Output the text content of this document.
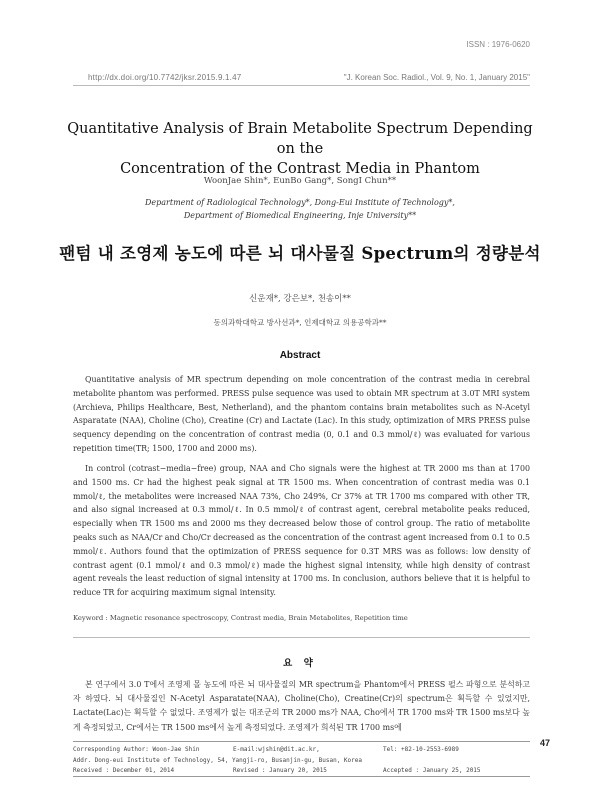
ISSN : 1976-0620
http://dx.doi.org/10.7742/jksr.2015.9.1.47	"J. Korean Soc. Radiol., Vol. 9, No. 1, January 2015"
Quantitative Analysis of Brain Metabolite Spectrum Depending on the
Concentration of the Contrast Media in Phantom
WoonJae Shin*, EunBo Gang*, SongI Chun**
Department of Radiological Technology*, Dong-Eui Institute of Technology*,
Department of Biomedical Engineering, Inje University**
팬텀 내 조영제 농도에 따른 뇌 대사물질 Spectrum의 정량분석
신운재*, 강은보*, 천송이**
동의과학대학교 방사선과*, 인제대학교 의용공학과**
Abstract

Quantitative analysis of MR spectrum depending on mole concentration of the contrast media in cerebral metabolite phantom was performed. PRESS pulse sequence was used to obtain MR spectrum at 3.0T MRI system (Archieva, Philips Healthcare, Best, Netherland), and the phantom contains brain metabolites such as N-Acetyl Asparatate (NAA), Choline (Cho), Creatine (Cr) and Lactate (Lac). In this study, optimization of MRS PRESS pulse sequency depending on the concentration of contrast media (0, 0.1 and 0.3 mmol/ℓ) was evaluated for various repetition time(TR; 1500, 1700 and 2000 ms).

In control (cotrast−media−free) group, NAA and Cho signals were the highest at TR 2000 ms than at 1700 and 1500 ms. Cr had the highest peak signal at TR 1500 ms. When concentration of contrast media was 0.1 mmol/ℓ, the metabolites were increased NAA 73%, Cho 249%, Cr 37% at TR 1700 ms compared with other TR, and also signal increased at 0.3 mmol/ℓ. In 0.5 mmol/ℓ of contrast agent, cerebral metabolite peaks reduced, especially when TR 1500 ms and 2000 ms they decreased below those of control group. The ratio of metabolite peaks such as NAA/Cr and Cho/Cr decreased as the concentration of the contrast agent increased from 0.1 to 0.5 mmol/ℓ. Authors found that the optimization of PRESS sequence for 0.3T MRS was as follows: low density of contrast agent (0.1 mmol/ℓ and 0.3 mmol/ℓ) made the highest signal intensity, while high density of contrast agent reveals the least reduction of signal intensity at 1700 ms. In conclusion, authors believe that it is helpful to reduce TR for acquiring maximum signal intensity.

Keyword : Magnetic resonance spectroscopy, Contrast media, Brain Metabolites, Repetition time
요 약

본 연구에서 3.0 T에서 조영제 몰 농도에 따른 뇌 대사물질의 MR spectrum을 Phantom에서 PRESS 펄스 파형으로 분석하고자 하였다. 뇌 대사물질인 N-Acetyl Asparatate(NAA), Choline(Cho), Creatine(Cr)의 spectrum은 획득할 수 있었지만, Lactate(Lac)는 획득할 수 없었다. 조영제가 없는 대조군의 TR 2000 ms가 NAA, Cho에서 TR 1700 ms와 TR 1500 ms보다 높게 측정되었고, Cr에서는 TR 1500 ms에서 높게 측정되었다. 조영제가 희석된 TR 1700 ms에

Corresponding Author: Woon-Jae Shin	E-mail:wjshin@dit.ac.kr,	Tel: +82-10-2553-6989
Addr. Dong-eui Institute of Technology, 54, Yangji-ro, Busanjin-gu, Busan, Korea
Received : December 01, 2014	Revised : January 20, 2015	Accepted : January 25, 2015
47
